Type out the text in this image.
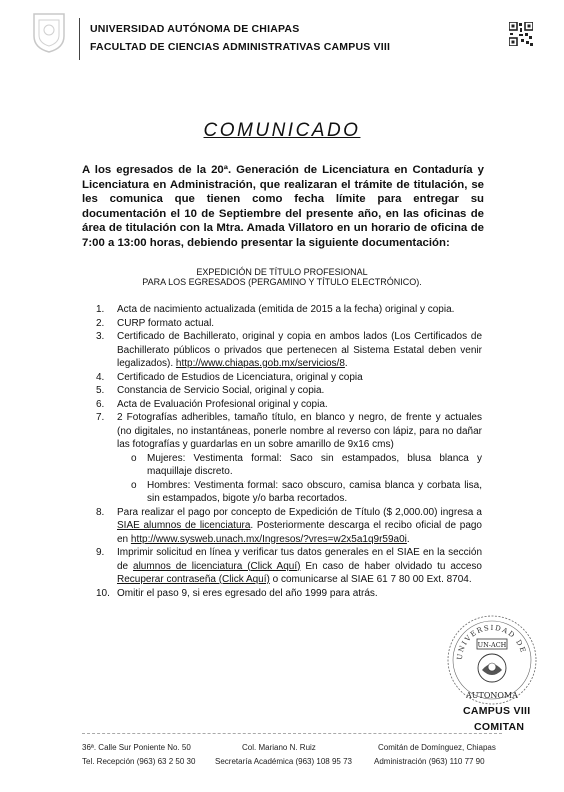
UNIVERSIDAD AUTÓNOMA DE CHIAPAS
FACULTAD DE CIENCIAS ADMINISTRATIVAS CAMPUS VIII
COMUNICADO
A los egresados de la 20ª. Generación de Licenciatura en Contaduría y Licenciatura en Administración, que realizaran el trámite de titulación, se les comunica que tienen como fecha límite para entregar su documentación el 10 de Septiembre del presente año, en las oficinas de área de titulación con la Mtra. Amada Villatoro en un horario de oficina de 7:00 a 13:00 horas, debiendo presentar la siguiente documentación:
EXPEDICIÓN DE TÍTULO PROFESIONAL
PARA LOS EGRESADOS (PERGAMINO Y TÍTULO ELECTRÓNICO).
1. Acta de nacimiento actualizada (emitida de 2015 a la fecha) original y copia.
2. CURP formato actual.
3. Certificado de Bachillerato, original y copia en ambos lados (Los Certificados de Bachillerato públicos o privados que pertenecen al Sistema Estatal deben venir legalizados). http://www.chiapas.gob.mx/servicios/8.
4. Certificado de Estudios de Licenciatura, original y copia
5. Constancia de Servicio Social, original y copia.
6. Acta de Evaluación Profesional original y copia.
7. 2 Fotografías adheribles, tamaño título, en blanco y negro, de frente y actuales (no digitales, no instantáneas, ponerle nombre al reverso con lápiz, para no dañar las fotografías y guardarlas en un sobre amarillo de 9x16 cms)
o Mujeres: Vestimenta formal: Saco sin estampados, blusa blanca y maquillaje discreto.
o Hombres: Vestimenta formal: saco obscuro, camisa blanca y corbata lisa, sin estampados, bigote y/o barba recortados.
8. Para realizar el pago por concepto de Expedición de Título ($ 2,000.00) ingresa a SIAE alumnos de licenciatura. Posteriormente descarga el recibo oficial de pago en http://www.sysweb.unach.mx/Ingresos/?vres=w2x5a1q9r59a0i.
9. Imprimir solicitud en línea y verificar tus datos generales en el SIAE en la sección de alumnos de licenciatura (Click Aquí) En caso de haber olvidado tu acceso Recuperar contraseña (Click Aquí) o comunicarse al SIAE 61 7 80 00 Ext. 8704.
10. Omitir el paso 9, si eres egresado del año 1999 para atrás.
UNIVERSIDAD DE
UN-ACH
AUTONOMA
CAMPUS VIII
COMITAN
36ª. Calle Sur Poniente No. 50	Col. Mariano N. Ruiz	Comitán de Domínguez, Chiapas
Tel. Recepción (963) 63 2 50 30 Secretaría Académica (963) 108 95 73	Administración (963) 110 77 90
